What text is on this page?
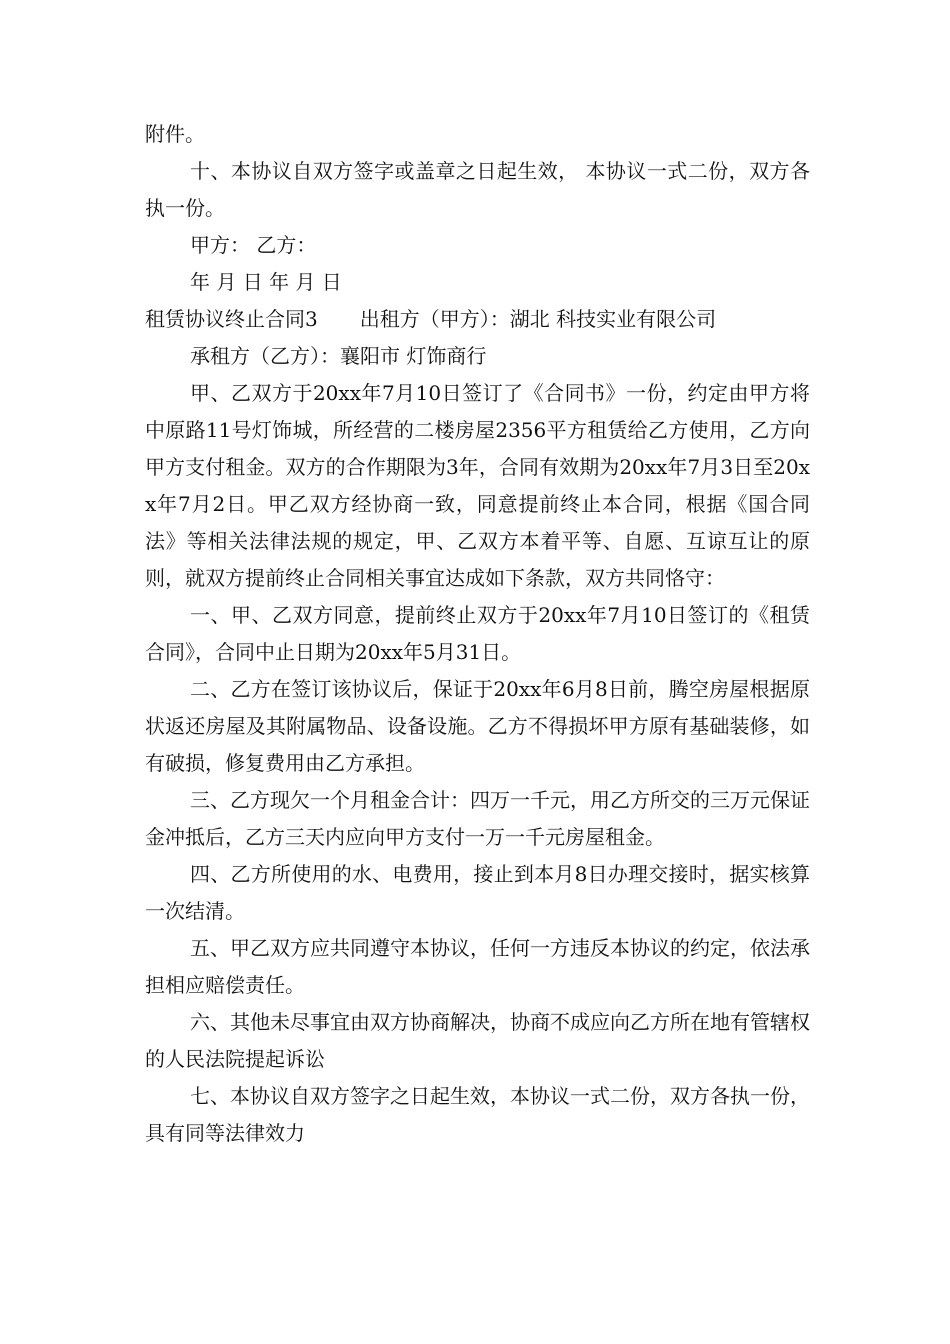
附件。

十、本协议自双方签字或盖章之日起生效， 本协议一式二份，双方各执一份。

甲方： 乙方：

年 月 日 年 月 日

租赁协议终止合同3 出租方（甲方）：湖北 科技实业有限公司

承租方（乙方）：襄阳市 灯饰商行

甲、乙双方于20xx年7月10日签订了《合同书》一份，约定由甲方将中原路11号灯饰城，所经营的二楼房屋2356平方租赁给乙方使用，乙方向甲方支付租金。双方的合作期限为3年，合同有效期为20xx年7月3日至20xx年7月2日。甲乙双方经协商一致，同意提前终止本合同，根据《国合同法》等相关法律法规的规定，甲、乙双方本着平等、自愿、互谅互让的原则，就双方提前终止合同相关事宜达成如下条款，双方共同恪守：

一、甲、乙双方同意，提前终止双方于20xx年7月10日签订的《租赁合同》，合同中止日期为20xx年5月31日。

二、乙方在签订该协议后，保证于20xx年6月8日前，腾空房屋根据原状返还房屋及其附属物品、设备设施。乙方不得损坏甲方原有基础装修，如有破损，修复费用由乙方承担。

三、乙方现欠一个月租金合计：四万一千元，用乙方所交的三万元保证金冲抵后，乙方三天内应向甲方支付一万一千元房屋租金。

四、乙方所使用的水、电费用，接止到本月8日办理交接时，据实核算一次结清。

五、甲乙双方应共同遵守本协议，任何一方违反本协议的约定，依法承担相应赔偿责任。

六、其他未尽事宜由双方协商解决，协商不成应向乙方所在地有管辖权的人民法院提起诉讼

七、本协议自双方签字之日起生效，本协议一式二份，双方各执一份，具有同等法律效力
